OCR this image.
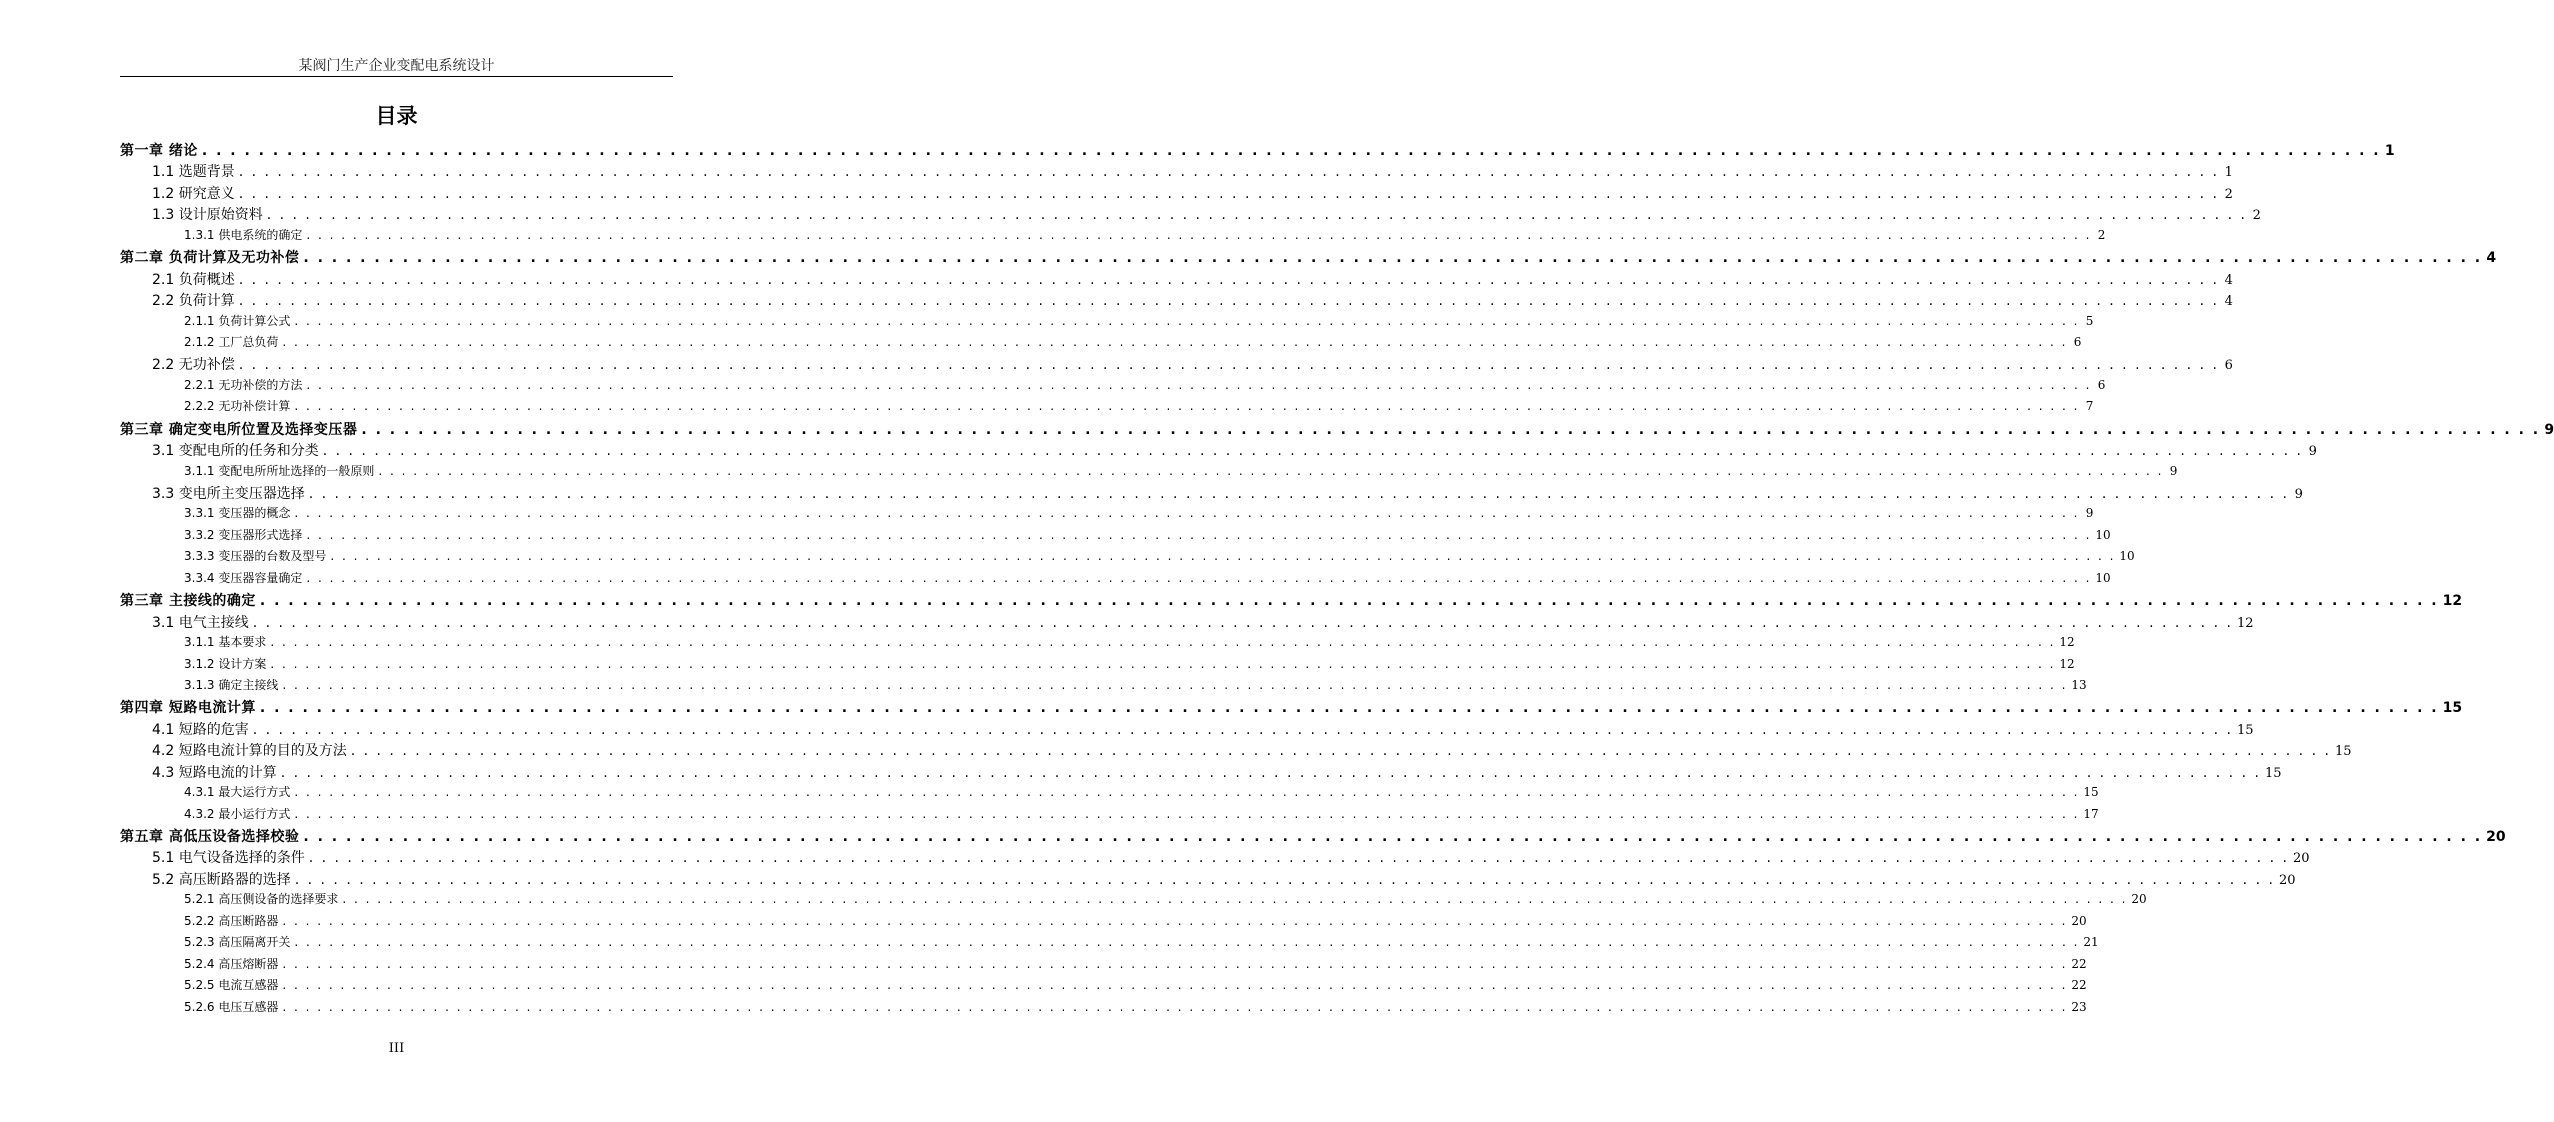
某阀门生产企业变配电系统设计
目录
第一章 绪论 . . . . . . . . . . . . . . . . . . . . . . . . . . . . . . . . . . . . . . . . . . . . . . . . . . . . . . . . . . . . . . . . . . . . . . . . . . . . . . . . . . . . . . . . . . . . . . . . . . . . . . . . . . . . . . . . . . . . . . . . . . . . . . . . . . . . . . . . . . . . . . . . . . . . . . . . . . 1
1.1 选题背景 . . . . . . . . . . . . . . . . . . . . . . . . . . . . . . . . . . . . . . . . . . . . . . . . . . . . . . . . . . . . . . . . . . . . . . . . . . . . . . . . . . . . . . . . . . . . . . . . . . . . . . . . . . . . . . . . . . . . . . . . . . . . . . . . . . . . . . . . . . . . . . . . . . . . . . . . . . 1
1.2 研究意义 . . . . . . . . . . . . . . . . . . . . . . . . . . . . . . . . . . . . . . . . . . . . . . . . . . . . . . . . . . . . . . . . . . . . . . . . . . . . . . . . . . . . . . . . . . . . . . . . . . . . . . . . . . . . . . . . . . . . . . . . . . . . . . . . . . . . . . . . . . . . . . . . . . . . . . . . . . 2
1.3 设计原始资料 . . . . . . . . . . . . . . . . . . . . . . . . . . . . . . . . . . . . . . . . . . . . . . . . . . . . . . . . . . . . . . . . . . . . . . . . . . . . . . . . . . . . . . . . . . . . . . . . . . . . . . . . . . . . . . . . . . . . . . . . . . . . . . . . . . . . . . . . . . . . . . . . . . . . . . . . . . 2
1.3.1 供电系统的确定 . . . . . . . . . . . . . . . . . . . . . . . . . . . . . . . . . . . . . . . . . . . . . . . . . . . . . . . . . . . . . . . . . . . . . . . . . . . . . . . . . . . . . . . . . . . . . . . . . . . . . . . . . . . . . . . . . . . . . . . . . . . . . . . . . . . . . . . . . . . . . . . . . . . . . . . . . . 2
第二章 负荷计算及无功补偿 . . . . . . . . . . . . . . . . . . . . . . . . . . . . . . . . . . . . . . . . . . . . . . . . . . . . . . . . . . . . . . . . . . . . . . . . . . . . . . . . . . . . . . . . . . . . . . . . . . . . . . . . . . . . . . . . . . . . . . . . . . . . . . . . . . . . . . . . . . . . . . . . . . . . . . . . . . 4
2.1 负荷概述 . . . . . . . . . . . . . . . . . . . . . . . . . . . . . . . . . . . . . . . . . . . . . . . . . . . . . . . . . . . . . . . . . . . . . . . . . . . . . . . . . . . . . . . . . . . . . . . . . . . . . . . . . . . . . . . . . . . . . . . . . . . . . . . . . . . . . . . . . . . . . . . . . . . . . . . . . . 4
2.2 负荷计算 . . . . . . . . . . . . . . . . . . . . . . . . . . . . . . . . . . . . . . . . . . . . . . . . . . . . . . . . . . . . . . . . . . . . . . . . . . . . . . . . . . . . . . . . . . . . . . . . . . . . . . . . . . . . . . . . . . . . . . . . . . . . . . . . . . . . . . . . . . . . . . . . . . . . . . . . . . 4
2.1.1 负荷计算公式 . . . . . . . . . . . . . . . . . . . . . . . . . . . . . . . . . . . . . . . . . . . . . . . . . . . . . . . . . . . . . . . . . . . . . . . . . . . . . . . . . . . . . . . . . . . . . . . . . . . . . . . . . . . . . . . . . . . . . . . . . . . . . . . . . . . . . . . . . . . . . . . . . . . . . . . . . . 5
2.1.2 工厂总负荷 . . . . . . . . . . . . . . . . . . . . . . . . . . . . . . . . . . . . . . . . . . . . . . . . . . . . . . . . . . . . . . . . . . . . . . . . . . . . . . . . . . . . . . . . . . . . . . . . . . . . . . . . . . . . . . . . . . . . . . . . . . . . . . . . . . . . . . . . . . . . . . . . . . . . . . . . . . 6
2.2 无功补偿 . . . . . . . . . . . . . . . . . . . . . . . . . . . . . . . . . . . . . . . . . . . . . . . . . . . . . . . . . . . . . . . . . . . . . . . . . . . . . . . . . . . . . . . . . . . . . . . . . . . . . . . . . . . . . . . . . . . . . . . . . . . . . . . . . . . . . . . . . . . . . . . . . . . . . . . . . . 6
2.2.1 无功补偿的方法 . . . . . . . . . . . . . . . . . . . . . . . . . . . . . . . . . . . . . . . . . . . . . . . . . . . . . . . . . . . . . . . . . . . . . . . . . . . . . . . . . . . . . . . . . . . . . . . . . . . . . . . . . . . . . . . . . . . . . . . . . . . . . . . . . . . . . . . . . . . . . . . . . . . . . . . . . . 6
2.2.2 无功补偿计算 . . . . . . . . . . . . . . . . . . . . . . . . . . . . . . . . . . . . . . . . . . . . . . . . . . . . . . . . . . . . . . . . . . . . . . . . . . . . . . . . . . . . . . . . . . . . . . . . . . . . . . . . . . . . . . . . . . . . . . . . . . . . . . . . . . . . . . . . . . . . . . . . . . . . . . . . . . 7
第三章 确定变电所位置及选择变压器 . . . . . . . . . . . . . . . . . . . . . . . . . . . . . . . . . . . . . . . . . . . . . . . . . . . . . . . . . . . . . . . . . . . . . . . . . . . . . . . . . . . . . . . . . . . . . . . . . . . . . . . . . . . . . . . . . . . . . . . . . . . . . . . . . . . . . . . . . . . . . . . . . . . . . . . . . . 9
3.1 变配电所的任务和分类 . . . . . . . . . . . . . . . . . . . . . . . . . . . . . . . . . . . . . . . . . . . . . . . . . . . . . . . . . . . . . . . . . . . . . . . . . . . . . . . . . . . . . . . . . . . . . . . . . . . . . . . . . . . . . . . . . . . . . . . . . . . . . . . . . . . . . . . . . . . . . . . . . . . . . . . . . . 9
3.1.1 变配电所所址选择的一般原则 . . . . . . . . . . . . . . . . . . . . . . . . . . . . . . . . . . . . . . . . . . . . . . . . . . . . . . . . . . . . . . . . . . . . . . . . . . . . . . . . . . . . . . . . . . . . . . . . . . . . . . . . . . . . . . . . . . . . . . . . . . . . . . . . . . . . . . . . . . . . . . . . . . . . . . . . . . 9
3.3 变电所主变压器选择 . . . . . . . . . . . . . . . . . . . . . . . . . . . . . . . . . . . . . . . . . . . . . . . . . . . . . . . . . . . . . . . . . . . . . . . . . . . . . . . . . . . . . . . . . . . . . . . . . . . . . . . . . . . . . . . . . . . . . . . . . . . . . . . . . . . . . . . . . . . . . . . . . . . . . . . . . . 9
3.3.1 变压器的概念 . . . . . . . . . . . . . . . . . . . . . . . . . . . . . . . . . . . . . . . . . . . . . . . . . . . . . . . . . . . . . . . . . . . . . . . . . . . . . . . . . . . . . . . . . . . . . . . . . . . . . . . . . . . . . . . . . . . . . . . . . . . . . . . . . . . . . . . . . . . . . . . . . . . . . . . . . . 9
3.3.2 变压器形式选择 . . . . . . . . . . . . . . . . . . . . . . . . . . . . . . . . . . . . . . . . . . . . . . . . . . . . . . . . . . . . . . . . . . . . . . . . . . . . . . . . . . . . . . . . . . . . . . . . . . . . . . . . . . . . . . . . . . . . . . . . . . . . . . . . . . . . . . . . . . . . . . . . . . . . . . . . . . 10
3.3.3 变压器的台数及型号 . . . . . . . . . . . . . . . . . . . . . . . . . . . . . . . . . . . . . . . . . . . . . . . . . . . . . . . . . . . . . . . . . . . . . . . . . . . . . . . . . . . . . . . . . . . . . . . . . . . . . . . . . . . . . . . . . . . . . . . . . . . . . . . . . . . . . . . . . . . . . . . . . . . . . . . . . . 10
3.3.4 变压器容量确定 . . . . . . . . . . . . . . . . . . . . . . . . . . . . . . . . . . . . . . . . . . . . . . . . . . . . . . . . . . . . . . . . . . . . . . . . . . . . . . . . . . . . . . . . . . . . . . . . . . . . . . . . . . . . . . . . . . . . . . . . . . . . . . . . . . . . . . . . . . . . . . . . . . . . . . . . . . 10
第三章 主接线的确定 . . . . . . . . . . . . . . . . . . . . . . . . . . . . . . . . . . . . . . . . . . . . . . . . . . . . . . . . . . . . . . . . . . . . . . . . . . . . . . . . . . . . . . . . . . . . . . . . . . . . . . . . . . . . . . . . . . . . . . . . . . . . . . . . . . . . . . . . . . . . . . . . . . . . . . . . . . 12
3.1 电气主接线 . . . . . . . . . . . . . . . . . . . . . . . . . . . . . . . . . . . . . . . . . . . . . . . . . . . . . . . . . . . . . . . . . . . . . . . . . . . . . . . . . . . . . . . . . . . . . . . . . . . . . . . . . . . . . . . . . . . . . . . . . . . . . . . . . . . . . . . . . . . . . . . . . . . . . . . . . . 12
3.1.1 基本要求 . . . . . . . . . . . . . . . . . . . . . . . . . . . . . . . . . . . . . . . . . . . . . . . . . . . . . . . . . . . . . . . . . . . . . . . . . . . . . . . . . . . . . . . . . . . . . . . . . . . . . . . . . . . . . . . . . . . . . . . . . . . . . . . . . . . . . . . . . . . . . . . . . . . . . . . . . . 12
3.1.2 设计方案 . . . . . . . . . . . . . . . . . . . . . . . . . . . . . . . . . . . . . . . . . . . . . . . . . . . . . . . . . . . . . . . . . . . . . . . . . . . . . . . . . . . . . . . . . . . . . . . . . . . . . . . . . . . . . . . . . . . . . . . . . . . . . . . . . . . . . . . . . . . . . . . . . . . . . . . . . . 12
3.1.3 确定主接线 . . . . . . . . . . . . . . . . . . . . . . . . . . . . . . . . . . . . . . . . . . . . . . . . . . . . . . . . . . . . . . . . . . . . . . . . . . . . . . . . . . . . . . . . . . . . . . . . . . . . . . . . . . . . . . . . . . . . . . . . . . . . . . . . . . . . . . . . . . . . . . . . . . . . . . . . . . 13
第四章 短路电流计算 . . . . . . . . . . . . . . . . . . . . . . . . . . . . . . . . . . . . . . . . . . . . . . . . . . . . . . . . . . . . . . . . . . . . . . . . . . . . . . . . . . . . . . . . . . . . . . . . . . . . . . . . . . . . . . . . . . . . . . . . . . . . . . . . . . . . . . . . . . . . . . . . . . . . . . . . . . 15
4.1 短路的危害 . . . . . . . . . . . . . . . . . . . . . . . . . . . . . . . . . . . . . . . . . . . . . . . . . . . . . . . . . . . . . . . . . . . . . . . . . . . . . . . . . . . . . . . . . . . . . . . . . . . . . . . . . . . . . . . . . . . . . . . . . . . . . . . . . . . . . . . . . . . . . . . . . . . . . . . . . . 15
4.2 短路电流计算的目的及方法 . . . . . . . . . . . . . . . . . . . . . . . . . . . . . . . . . . . . . . . . . . . . . . . . . . . . . . . . . . . . . . . . . . . . . . . . . . . . . . . . . . . . . . . . . . . . . . . . . . . . . . . . . . . . . . . . . . . . . . . . . . . . . . . . . . . . . . . . . . . . . . . . . . . . . . . . . . 15
4.3 短路电流的计算 . . . . . . . . . . . . . . . . . . . . . . . . . . . . . . . . . . . . . . . . . . . . . . . . . . . . . . . . . . . . . . . . . . . . . . . . . . . . . . . . . . . . . . . . . . . . . . . . . . . . . . . . . . . . . . . . . . . . . . . . . . . . . . . . . . . . . . . . . . . . . . . . . . . . . . . . . . 15
4.3.1 最大运行方式 . . . . . . . . . . . . . . . . . . . . . . . . . . . . . . . . . . . . . . . . . . . . . . . . . . . . . . . . . . . . . . . . . . . . . . . . . . . . . . . . . . . . . . . . . . . . . . . . . . . . . . . . . . . . . . . . . . . . . . . . . . . . . . . . . . . . . . . . . . . . . . . . . . . . . . . . . . 15
4.3.2 最小运行方式 . . . . . . . . . . . . . . . . . . . . . . . . . . . . . . . . . . . . . . . . . . . . . . . . . . . . . . . . . . . . . . . . . . . . . . . . . . . . . . . . . . . . . . . . . . . . . . . . . . . . . . . . . . . . . . . . . . . . . . . . . . . . . . . . . . . . . . . . . . . . . . . . . . . . . . . . . . 17
第五章 高低压设备选择校验 . . . . . . . . . . . . . . . . . . . . . . . . . . . . . . . . . . . . . . . . . . . . . . . . . . . . . . . . . . . . . . . . . . . . . . . . . . . . . . . . . . . . . . . . . . . . . . . . . . . . . . . . . . . . . . . . . . . . . . . . . . . . . . . . . . . . . . . . . . . . . . . . . . . . . . . . . . 20
5.1 电气设备选择的条件 . . . . . . . . . . . . . . . . . . . . . . . . . . . . . . . . . . . . . . . . . . . . . . . . . . . . . . . . . . . . . . . . . . . . . . . . . . . . . . . . . . . . . . . . . . . . . . . . . . . . . . . . . . . . . . . . . . . . . . . . . . . . . . . . . . . . . . . . . . . . . . . . . . . . . . . . . . 20
5.2 高压断路器的选择 . . . . . . . . . . . . . . . . . . . . . . . . . . . . . . . . . . . . . . . . . . . . . . . . . . . . . . . . . . . . . . . . . . . . . . . . . . . . . . . . . . . . . . . . . . . . . . . . . . . . . . . . . . . . . . . . . . . . . . . . . . . . . . . . . . . . . . . . . . . . . . . . . . . . . . . . . . 20
5.2.1 高压侧设备的选择要求 . . . . . . . . . . . . . . . . . . . . . . . . . . . . . . . . . . . . . . . . . . . . . . . . . . . . . . . . . . . . . . . . . . . . . . . . . . . . . . . . . . . . . . . . . . . . . . . . . . . . . . . . . . . . . . . . . . . . . . . . . . . . . . . . . . . . . . . . . . . . . . . . . . . . . . . . . . 20
5.2.2 高压断路器 . . . . . . . . . . . . . . . . . . . . . . . . . . . . . . . . . . . . . . . . . . . . . . . . . . . . . . . . . . . . . . . . . . . . . . . . . . . . . . . . . . . . . . . . . . . . . . . . . . . . . . . . . . . . . . . . . . . . . . . . . . . . . . . . . . . . . . . . . . . . . . . . . . . . . . . . . . 20
5.2.3 高压隔离开关 . . . . . . . . . . . . . . . . . . . . . . . . . . . . . . . . . . . . . . . . . . . . . . . . . . . . . . . . . . . . . . . . . . . . . . . . . . . . . . . . . . . . . . . . . . . . . . . . . . . . . . . . . . . . . . . . . . . . . . . . . . . . . . . . . . . . . . . . . . . . . . . . . . . . . . . . . . 21
5.2.4 高压熔断器 . . . . . . . . . . . . . . . . . . . . . . . . . . . . . . . . . . . . . . . . . . . . . . . . . . . . . . . . . . . . . . . . . . . . . . . . . . . . . . . . . . . . . . . . . . . . . . . . . . . . . . . . . . . . . . . . . . . . . . . . . . . . . . . . . . . . . . . . . . . . . . . . . . . . . . . . . . 22
5.2.5 电流互感器 . . . . . . . . . . . . . . . . . . . . . . . . . . . . . . . . . . . . . . . . . . . . . . . . . . . . . . . . . . . . . . . . . . . . . . . . . . . . . . . . . . . . . . . . . . . . . . . . . . . . . . . . . . . . . . . . . . . . . . . . . . . . . . . . . . . . . . . . . . . . . . . . . . . . . . . . . . 22
5.2.6 电压互感器 . . . . . . . . . . . . . . . . . . . . . . . . . . . . . . . . . . . . . . . . . . . . . . . . . . . . . . . . . . . . . . . . . . . . . . . . . . . . . . . . . . . . . . . . . . . . . . . . . . . . . . . . . . . . . . . . . . . . . . . . . . . . . . . . . . . . . . . . . . . . . . . . . . . . . . . . . . 23
III
